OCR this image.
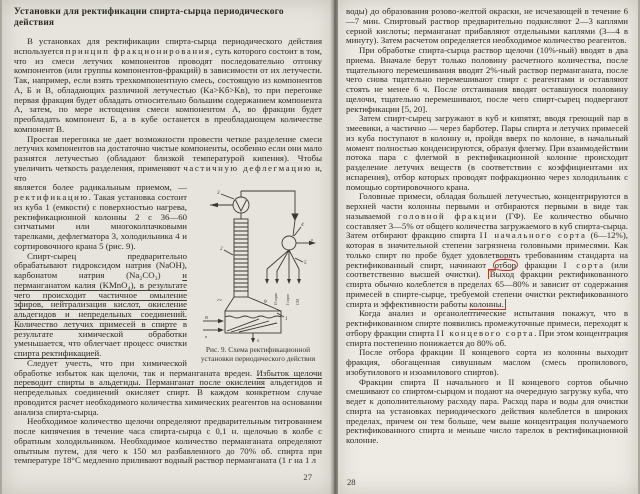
Установки для ректификации спирта-сырца периодического действия

В установках для ректификации спирта-сырца периодического действия используется принцип фракционирования, суть которого состоит в том, что из смеси летучих компонентов проводят последовательно отгонку компонентов (или группы компонентов-фракций) в зависимости от их летучести. Так, например, если взять трехкомпонентную смесь, состоящую из компонентов А, Б и В, обладающих различной летучестью (Kа>Kб>Kв), то при перегонке первая фракция будет обладать относительно большим содержанием компонента А, затем, по мере истощения смеси компонентом А, во фракции будет преобладать компонент Б, а в кубе останется в преобладающем количестве компонент В.

Простая перегонка не дает возможности провести четкое разделение смеси летучих компонентов на достаточно чистые компоненты, особенно если они мало разнятся летучестью (обладают близкой температурой кипения). Чтобы увеличить четкость разделения, применяют частичную дефлегмацию и, что

3
2
4
5
1
в
В
п
б
г-г	ГФ II сорт I сорт СМ
Рис. 9. Схема ректификационной установки периодического действия

является более радикальным приемом, — ректификацию. Такая установка состоит из куба 1 (емкости) с поверхностью нагрева, ректификационной колонны 2 с 36—60 ситчатыми или многоколпачковыми тарелками, дефлегматора 3, холодильника 4 и сортировочного крана 5 (рис. 9).

Спирт-сырец предварительно обрабатывают гидроксидом натрия (NaOH), карбонатом натрия (Na₂CO₃) и перманганатом калия (KMnO₄), в результате чего происходит частичное омыление эфиров, нейтрализация кислот, окисление альдегидов и непредельных соединений. Количество летучих примесей в спирте в результате химической обработки уменьшается, что облегчает процесс очистки спирта ректификацией.

Следует учесть, что при химической обработке избыток как щелочи, так и перманганата вреден. Избыток щелочи переводит спирты в альдегиды. Перманганат после окисления альдегидов и непредельных соединений окисляет спирт. В каждом конкретном случае проводится расчет необходимого количества химических реагентов на основании анализа спирта-сырца.

Необходимое количество щелочи определяют предварительным титрованием после кипячения в течение часа спирта-сырца с 0,1 н. щелочью в колбе с обратным холодильником. Необходимое количество перманганата определяют опытным путем, для чего к 150 мл разбавленного до 70% об. спирта при температуре 18°С медленно приливают водный раствор перманганата (1 г на 1 л

27

воды) до образования розово-желтой окраски, не исчезающей в течение 6—7 мин. Спиртовый раствор предварительно подкисляют 2—3 каплями серной кислоты; перманганат прибавляют отдельными каплями (3—4 в минуту). Затем расчетом определяется необходимое количество реагентов.

При обработке спирта-сырца раствор щелочи (10%-ный) вводят в два приема. Вначале берут только половину расчетного количества, после тщательного перемешивания вводят 2%-ный раствор перманганата, после чего снова тщательно перемешивают спирт с реагентами и оставляют стоять не менее 6 ч. После отстаивания вводят оставшуюся половину щелочи, тщательно перемешивают, после чего спирт-сырец подвергают ректификации [5, 20].

Затем спирт-сырец загружают в куб и кипятят, вводя греющий пар в змеевики, а частично — через барботер. Пары спирта и летучих примесей из куба поступают в колонну и, пройдя вверх по колонне, в начальный момент полностью конденсируются, образуя флегму. При взаимодействии потока пара с флегмой в ректификационной колонне происходит разделение летучих веществ (в соответствии с коэффициентами их испарения), отбор которых проводят пофракционно через холодильник с помощью сортировочного крана.

Головные примеси, обладая большей летучестью, концентрируются в верхней части колонны первыми и отбираются первыми в виде так называемой головной фракции (ГФ). Ее количество обычно составляет 3—5% от общего количества загружаемого в куб спирта-сырца. Затем отбирают фракцию спирта II начального сорта (6—12%), которая в значительной степени загрязнена головными примесями. Как только спирт по пробе будет удовлетворять требованиям стандарта на ректификованный спирт, начинают отбор фракции I сорта (или соответственно высшей очистки). Выход фракции ректификованного спирта обычно колеблется в пределах 65—80% и зависит от содержания примесей в спирте-сырце, требуемой степени очистки ректификованного спирта и эффективности работы колонны.

Когда анализ и органолептические испытания покажут, что в ректификованном спирте появились промежуточные примеси, переходят к отбору фракции спирта II концевого сорта. При этом концентрация спирта постепенно понижается до 80% об.

После отбора фракции II концевого сорта из колонны выходит фракция, обогащенная сивушным маслом (смесь пропилового, изобутилового и изоамилового спиртов).

Фракции спирта II начального и II концевого сортов обычно смешивают со спиртом-сырцом и подают на очередную загрузку куба, что ведет к дополнительному расходу пара. Расход пара и воды для очистки спирта на установках периодического действия колеблется в широких пределах, причем он тем больше, чем выше концентрация получаемого ректификованного спирта и меньше число тарелок в ректификационной колонне.

28
